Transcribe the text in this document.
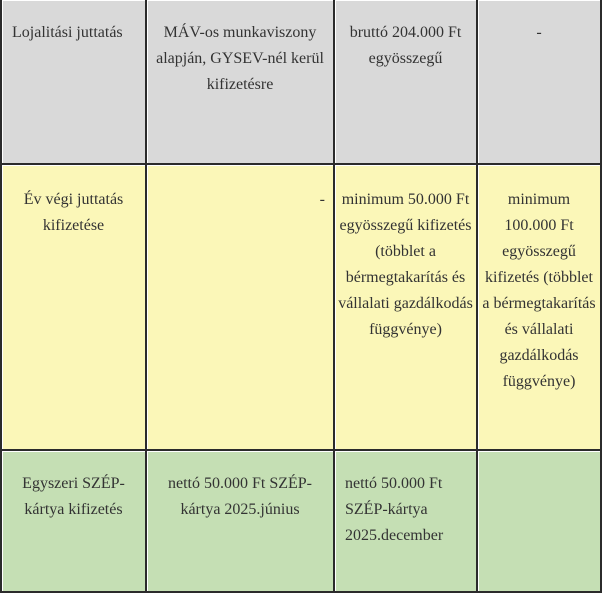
Lojalitási juttatás	MÁV-os munkaviszony alapján, GYSEV-nél kerül kifizetésre	bruttó 204.000 Ft egyösszegű	-

Év végi juttatás kifizetése	-	minimum 50.000 Ft egyösszegű kifizetés (többlet a bérmegtakarítás és vállalati gazdálkodás függvénye)	minimum 100.000 Ft egyösszegű kifizetés (többlet a bérmegtakarítás és vállalati gazdálkodás függvénye)

Egyszeri SZÉP-kártya kifizetés	nettó 50.000 Ft SZÉP-kártya 2025.június	nettó 50.000 Ft SZÉP-kártya 2025.december	
